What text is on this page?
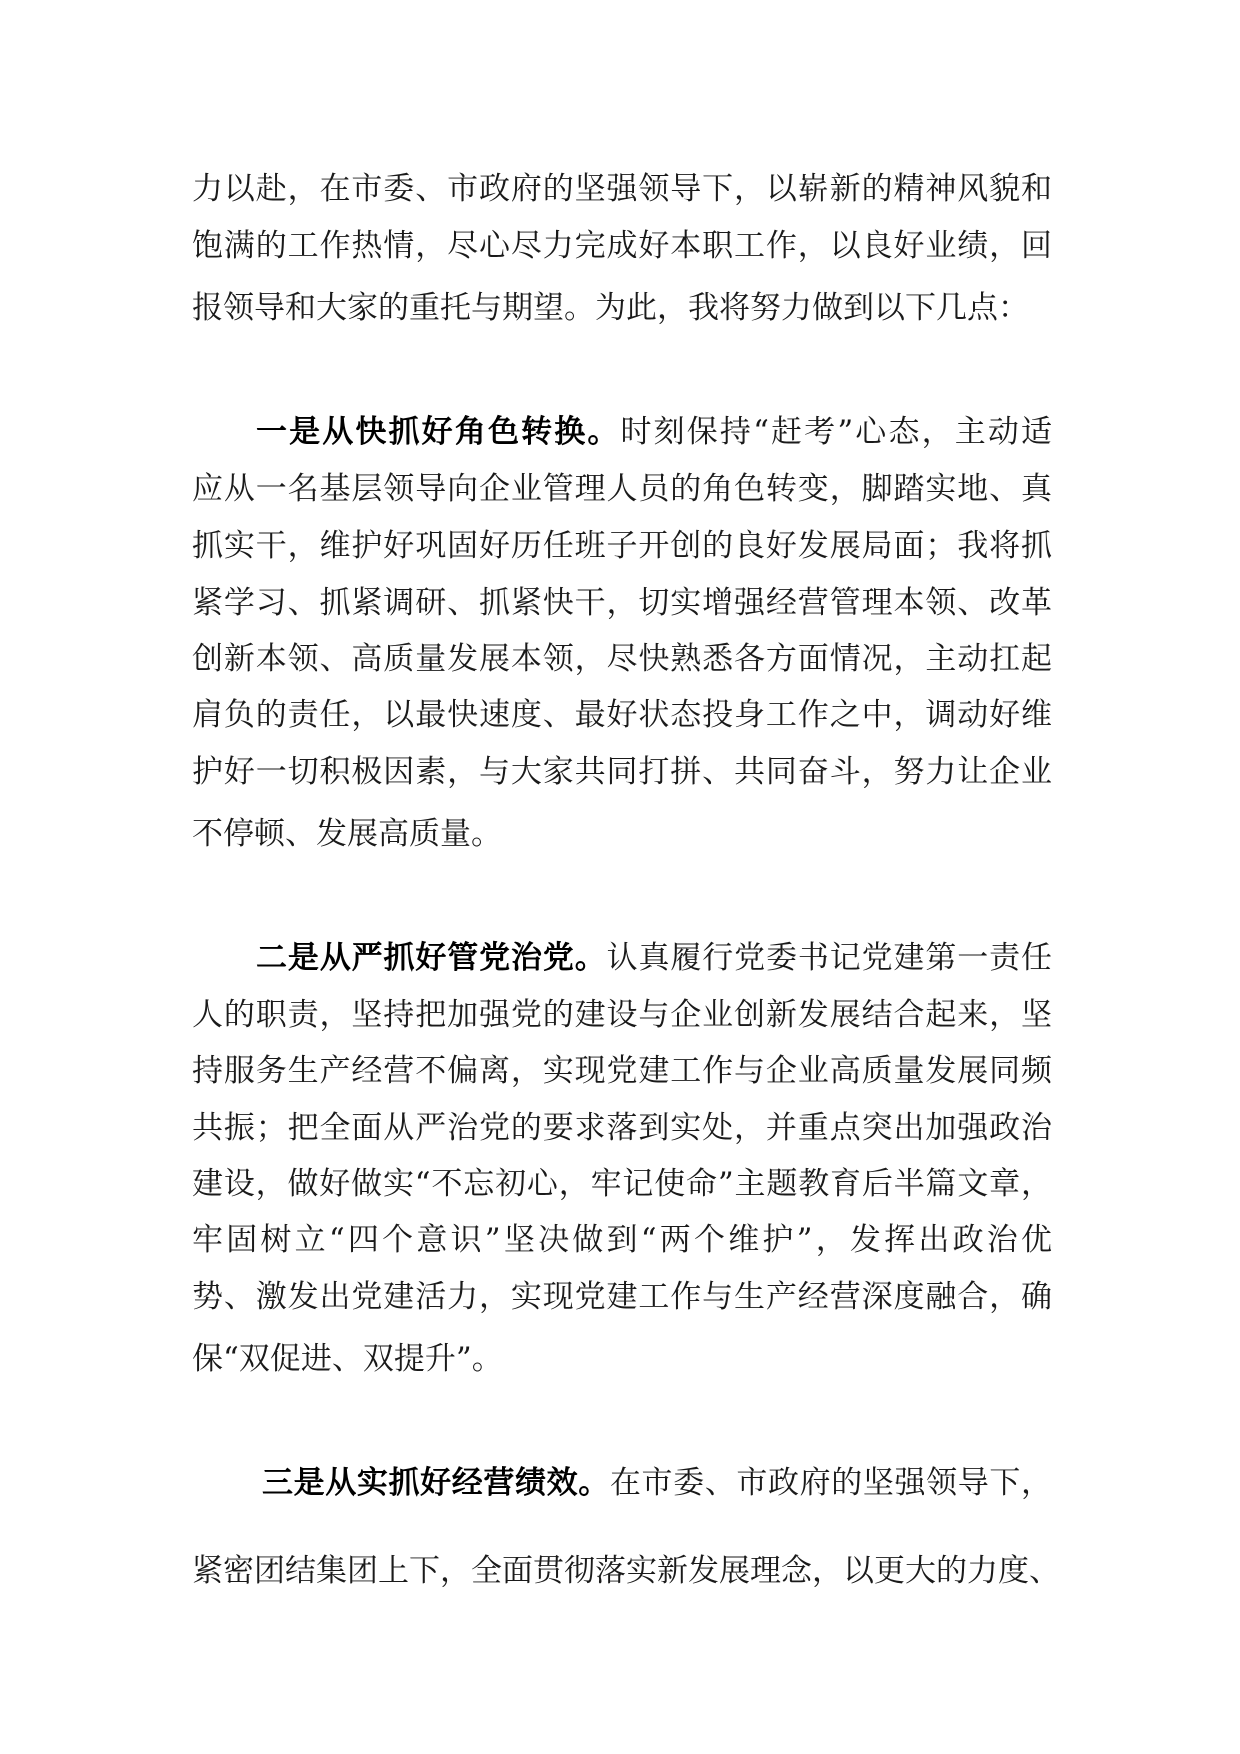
力以赴，在市委、市政府的坚强领导下，以崭新的精神风貌和
饱满的工作热情，尽心尽力完成好本职工作，以良好业绩，回
报领导和大家的重托与期望。为此，我将努力做到以下几点：
一是从快抓好角色转换。时刻保持“赶考”心态，主动适
应从一名基层领导向企业管理人员的角色转变，脚踏实地、真
抓实干，维护好巩固好历任班子开创的良好发展局面；我将抓
紧学习、抓紧调研、抓紧快干，切实增强经营管理本领、改革
创新本领、高质量发展本领，尽快熟悉各方面情况，主动扛起
肩负的责任，以最快速度、最好状态投身工作之中，调动好维
护好一切积极因素，与大家共同打拼、共同奋斗，努力让企业
不停顿、发展高质量。
二是从严抓好管党治党。认真履行党委书记党建第一责任
人的职责，坚持把加强党的建设与企业创新发展结合起来，坚
持服务生产经营不偏离，实现党建工作与企业高质量发展同频
共振；把全面从严治党的要求落到实处，并重点突出加强政治
建设，做好做实“不忘初心，牢记使命”主题教育后半篇文章，
牢固树立“四个意识”坚决做到“两个维护”，发挥出政治优
势、激发出党建活力，实现党建工作与生产经营深度融合，确
保“双促进、双提升”。
三是从实抓好经营绩效。在市委、市政府的坚强领导下，
紧密团结集团上下，全面贯彻落实新发展理念，以更大的力度、
